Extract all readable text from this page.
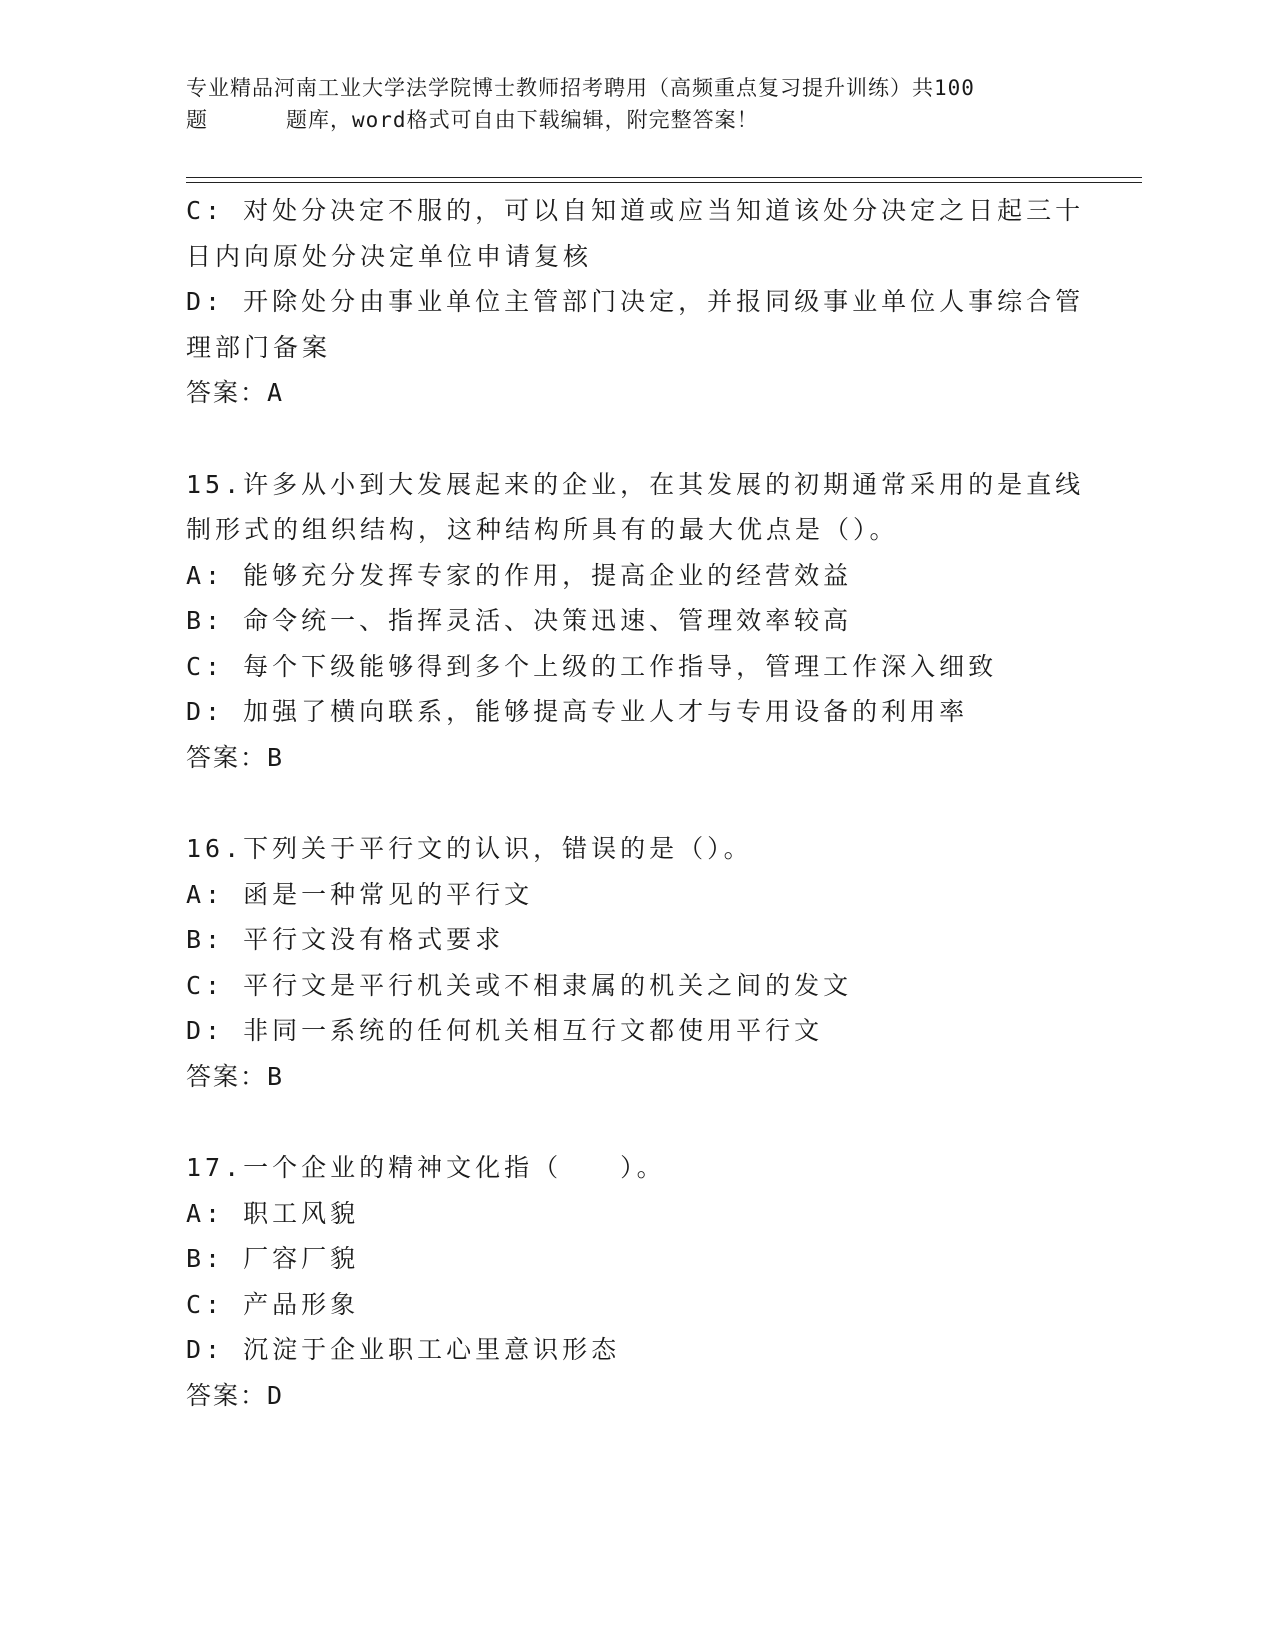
专业精品河南工业大学法学院博士教师招考聘用（高频重点复习提升训练）共100
题	题库，word格式可自由下载编辑，附完整答案！
C: 对处分决定不服的，可以自知道或应当知道该处分决定之日起三十
日内向原处分决定单位申请复核
D: 开除处分由事业单位主管部门决定，并报同级事业单位人事综合管
理部门备案
答案：A
15.许多从小到大发展起来的企业，在其发展的初期通常采用的是直线
制形式的组织结构，这种结构所具有的最大优点是（）。
A: 能够充分发挥专家的作用，提高企业的经营效益
B: 命令统一、指挥灵活、决策迅速、管理效率较高
C: 每个下级能够得到多个上级的工作指导，管理工作深入细致
D: 加强了横向联系，能够提高专业人才与专用设备的利用率
答案：B
16.下列关于平行文的认识，错误的是（）。
A: 函是一种常见的平行文
B: 平行文没有格式要求
C: 平行文是平行机关或不相隶属的机关之间的发文
D: 非同一系统的任何机关相互行文都使用平行文
答案：B
17.一个企业的精神文化指（　　）。
A: 职工风貌
B: 厂容厂貌
C: 产品形象
D: 沉淀于企业职工心里意识形态
答案：D
